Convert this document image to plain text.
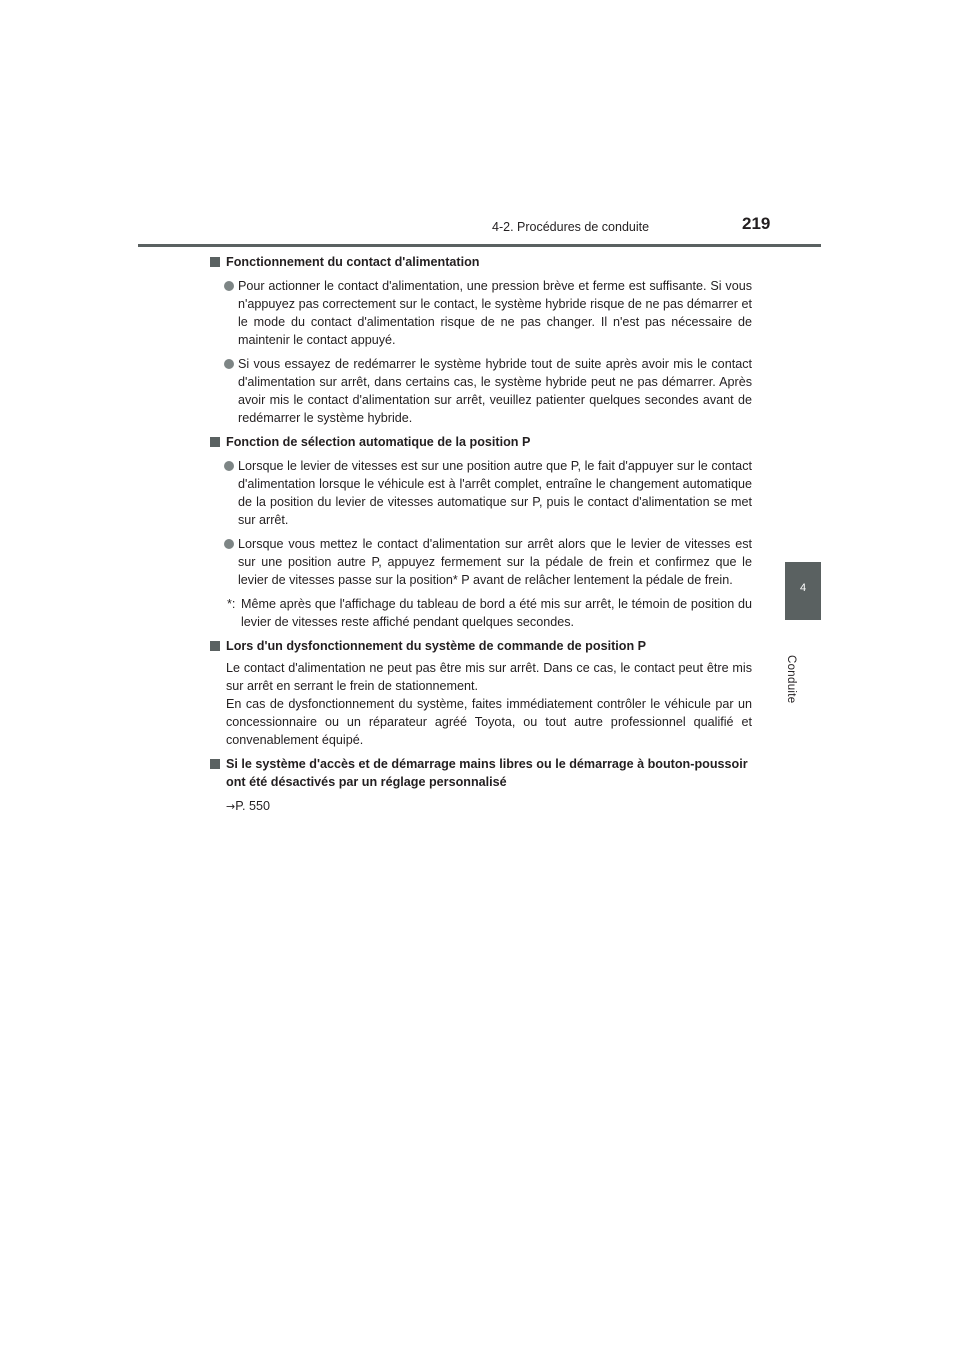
4-2. Procédures de conduite	219
4
Conduite
Fonctionnement du contact d'alimentation
Pour actionner le contact d'alimentation, une pression brève et ferme est suffisante. Si vous n'appuyez pas correctement sur le contact, le système hybride risque de ne pas démarrer et le mode du contact d'alimentation risque de ne pas changer. Il n'est pas nécessaire de maintenir le contact appuyé.
Si vous essayez de redémarrer le système hybride tout de suite après avoir mis le contact d'alimentation sur arrêt, dans certains cas, le système hybride peut ne pas démarrer. Après avoir mis le contact d'alimentation sur arrêt, veuillez patienter quelques secondes avant de redémarrer le système hybride.
Fonction de sélection automatique de la position P
Lorsque le levier de vitesses est sur une position autre que P, le fait d'appuyer sur le contact d'alimentation lorsque le véhicule est à l'arrêt complet, entraîne le changement automatique de la position du levier de vitesses automatique sur P, puis le contact d'alimentation se met sur arrêt.
Lorsque vous mettez le contact d'alimentation sur arrêt alors que le levier de vitesses est sur une position autre P, appuyez fermement sur la pédale de frein et confirmez que le levier de vitesses passe sur la position* P avant de relâcher lentement la pédale de frein.
*: Même après que l'affichage du tableau de bord a été mis sur arrêt, le témoin de position du levier de vitesses reste affiché pendant quelques secondes.
Lors d'un dysfonctionnement du système de commande de position P
Le contact d'alimentation ne peut pas être mis sur arrêt. Dans ce cas, le contact peut être mis sur arrêt en serrant le frein de stationnement.
En cas de dysfonctionnement du système, faites immédiatement contrôler le véhicule par un concessionnaire ou un réparateur agréé Toyota, ou tout autre professionnel qualifié et convenablement équipé.
Si le système d'accès et de démarrage mains libres ou le démarrage à bouton-poussoir ont été désactivés par un réglage personnalisé
→P. 550
